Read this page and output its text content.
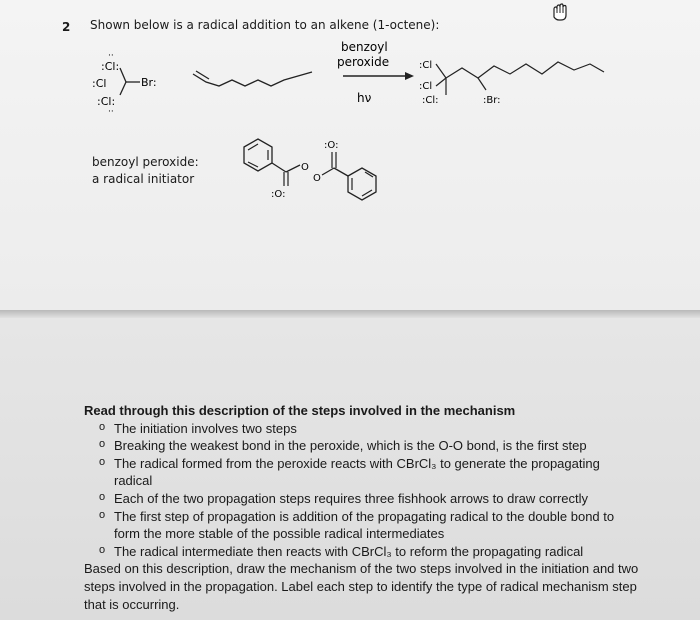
2 Shown below is a radical addition to an alkene (1-octene):
:Cl:
:Cl	Br:
:Cl:
··
··
benzoyl
peroxide
hν
:Cl
:Cl
:Cl:	:Br:
:O:
O
O
:O:
benzoyl peroxide:
a radical initiator
Read through this description of the steps involved in the mechanism
o The initiation involves two steps
o Breaking the weakest bond in the peroxide, which is the O-O bond, is the first step
o The radical formed from the peroxide reacts with CBrCl₃ to generate the propagating radical
o Each of the two propagation steps requires three fishhook arrows to draw correctly
o The first step of propagation is addition of the propagating radical to the double bond to form the more stable of the possible radical intermediates
o The radical intermediate then reacts with CBrCl₃ to reform the propagating radical

Based on this description, draw the mechanism of the two steps involved in the initiation and two steps involved in the propagation. Label each step to identify the type of radical mechanism step that is occurring.
